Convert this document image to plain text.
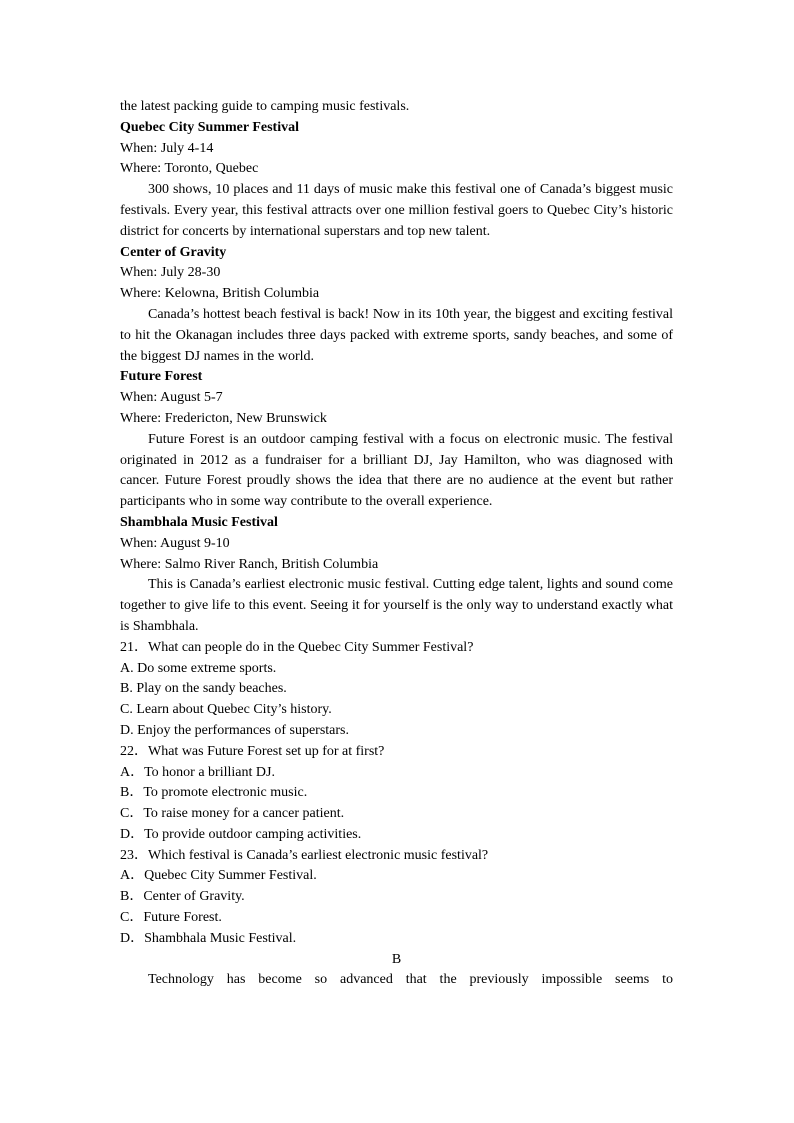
the latest packing guide to camping music festivals.
Quebec City Summer Festival
When: July 4-14
Where: Toronto, Quebec
300 shows, 10 places and 11 days of music make this festival one of Canada’s biggest music festivals. Every year, this festival attracts over one million festival goers to Quebec City’s historic district for concerts by international superstars and top new talent.
Center of Gravity
When: July 28-30
Where: Kelowna, British Columbia
Canada’s hottest beach festival is back! Now in its 10th year, the biggest and exciting festival to hit the Okanagan includes three days packed with extreme sports, sandy beaches, and some of the biggest DJ names in the world.
Future Forest
When: August 5-7
Where: Fredericton, New Brunswick
Future Forest is an outdoor camping festival with a focus on electronic music. The festival originated in 2012 as a fundraiser for a brilliant DJ, Jay Hamilton, who was diagnosed with cancer. Future Forest proudly shows the idea that there are no audience at the event but rather participants who in some way contribute to the overall experience.
Shambhala Music Festival
When: August 9-10
Where: Salmo River Ranch, British Columbia
This is Canada’s earliest electronic music festival. Cutting edge talent, lights and sound come together to give life to this event. Seeing it for yourself is the only way to understand exactly what is Shambhala.
21．What can people do in the Quebec City Summer Festival?
A. Do some extreme sports.
B. Play on the sandy beaches.
C. Learn about Quebec City’s history.
D. Enjoy the performances of superstars.
22．What was Future Forest set up for at first?
A．To honor a brilliant DJ.
B．To promote electronic music.
C．To raise money for a cancer patient.
D．To provide outdoor camping activities.
23．Which festival is Canada’s earliest electronic music festival?
A．Quebec City Summer Festival.
B．Center of Gravity.
C．Future Forest.
D．Shambhala Music Festival.
B
Technology has become so advanced that the previously impossible seems to
